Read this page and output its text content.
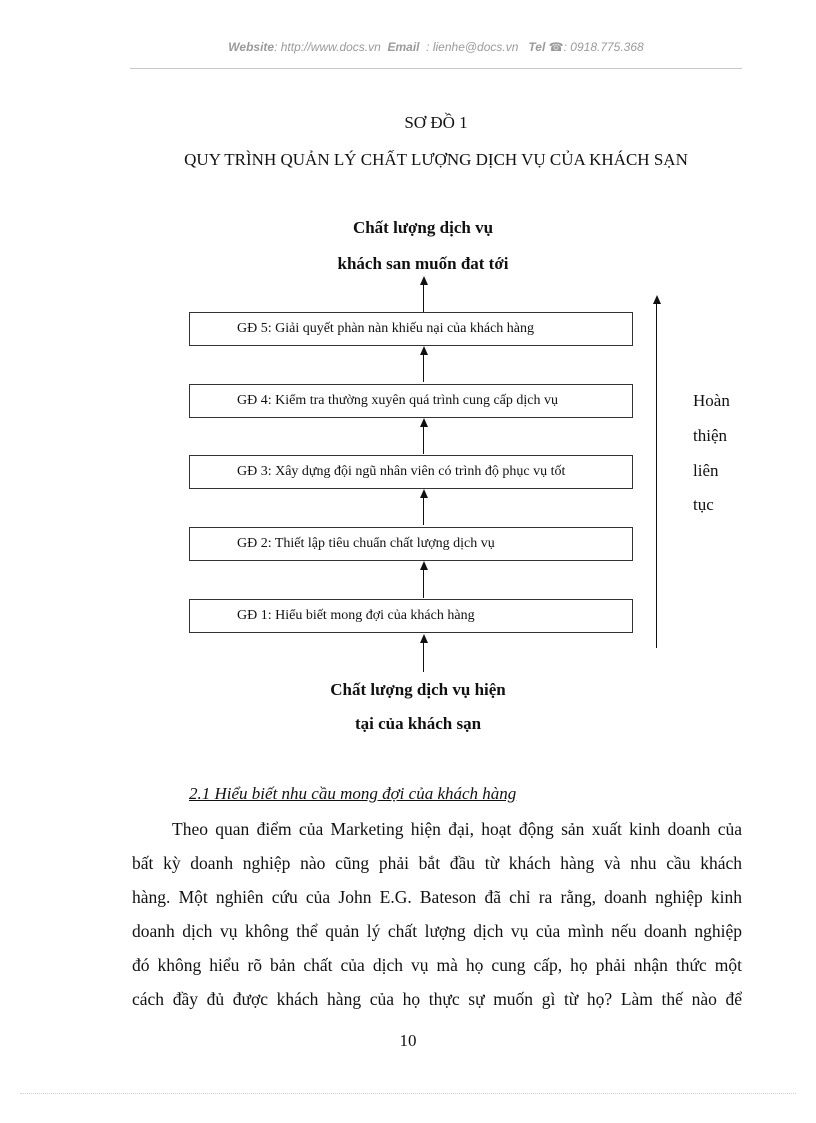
Website: http://www.docs.vn Email : lienhe@docs.vn Tel ☎: 0918.775.368
SƠ ĐỒ 1
QUY TRÌNH QUẢN LÝ CHẤT LƯỢNG DỊCH VỤ CỦA KHÁCH SẠN
Chất lượng dịch vụ
khách san muốn đat tới
GĐ 5: Giải quyết phàn nàn khiếu nại của khách hàng
GĐ 4: Kiểm tra thường xuyên quá trình cung cấp dịch vụ
GĐ 3: Xây dựng đội ngũ nhân viên có trình độ phục vụ tốt
GĐ 2: Thiết lập tiêu chuẩn chất lượng dịch vụ
GĐ 1: Hiểu biết mong đợi của khách hàng
Hoàn
thiện
liên
tục
Chất lượng dịch vụ hiện
tại của khách sạn
2.1 Hiểu biết nhu cầu mong đợi của khách hàng
Theo quan điểm của Marketing hiện đại, hoạt động sản xuất kinh doanh của
bất kỳ doanh nghiệp nào cũng phải bắt đầu từ khách hàng và nhu cầu khách
hàng. Một nghiên cứu của John E.G. Bateson đã chỉ ra rằng, doanh nghiệp kinh
doanh dịch vụ không thể quản lý chất lượng dịch vụ của mình nếu doanh nghiệp
đó không hiểu rõ bản chất của dịch vụ mà họ cung cấp, họ phải nhận thức một
cách đầy đủ được khách hàng của họ thực sự muốn gì từ họ? Làm thế nào để
10
